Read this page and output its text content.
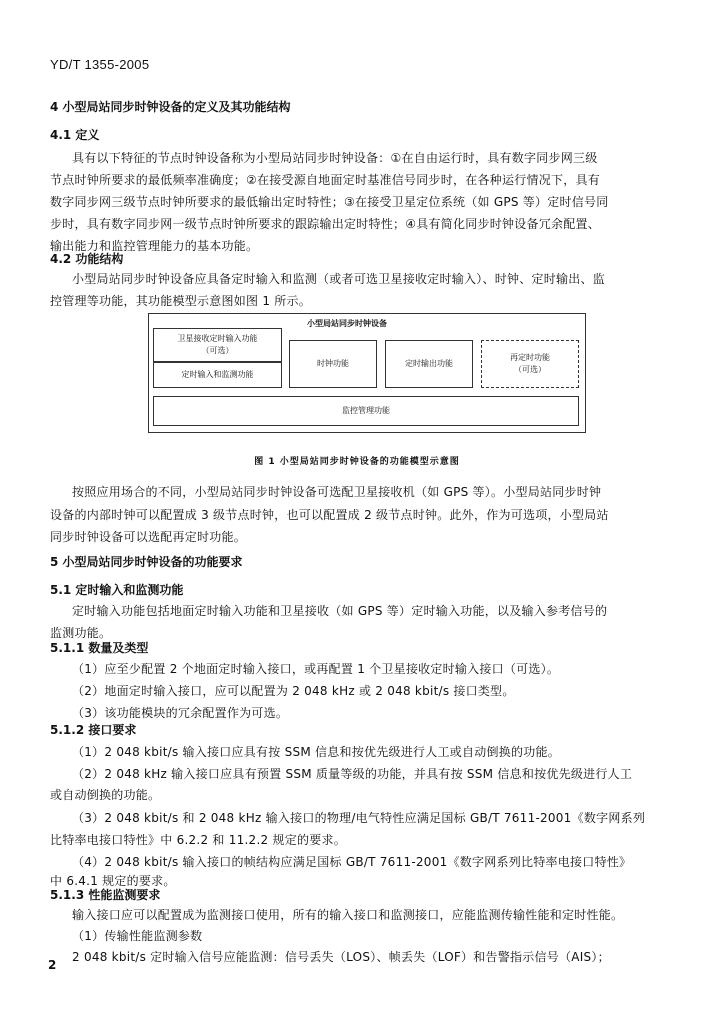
YD/T 1355-2005
4 小型局站同步时钟设备的定义及其功能结构
4.1 定义
具有以下特征的节点时钟设备称为小型局站同步时钟设备：①在自由运行时，具有数字同步网三级
节点时钟所要求的最低频率准确度；②在接受源自地面定时基准信号同步时，在各种运行情况下，具有
数字同步网三级节点时钟所要求的最低输出定时特性；③在接受卫星定位系统（如 GPS 等）定时信号同
步时，具有数字同步网一级节点时钟所要求的跟踪输出定时特性；④具有简化同步时钟设备冗余配置、
输出能力和监控管理能力的基本功能。
4.2 功能结构
小型局站同步时钟设备应具备定时输入和监测（或者可选卫星接收定时输入）、时钟、定时输出、监
控管理等功能，其功能模型示意图如图 1 所示。
小型局站同步时钟设备
卫星接收定时输入功能
（可选）
定时输入和监测功能
时钟功能	定时输出功能
再定时功能
（可选）
监控管理功能
图 1 小型局站同步时钟设备的功能模型示意图
按照应用场合的不同，小型局站同步时钟设备可选配卫星接收机（如 GPS 等）。小型局站同步时钟
设备的内部时钟可以配置成 3 级节点时钟，也可以配置成 2 级节点时钟。此外，作为可选项，小型局站
同步时钟设备可以选配再定时功能。
5 小型局站同步时钟设备的功能要求
5.1 定时输入和监测功能
定时输入功能包括地面定时输入功能和卫星接收（如 GPS 等）定时输入功能，以及输入参考信号的
监测功能。
5.1.1 数量及类型
（1）应至少配置 2 个地面定时输入接口，或再配置 1 个卫星接收定时输入接口（可选）。
（2）地面定时输入接口，应可以配置为 2 048 kHz 或 2 048 kbit/s 接口类型。
（3）该功能模块的冗余配置作为可选。
5.1.2 接口要求
（1）2 048 kbit/s 输入接口应具有按 SSM 信息和按优先级进行人工或自动倒换的功能。
（2）2 048 kHz 输入接口应具有预置 SSM 质量等级的功能，并具有按 SSM 信息和按优先级进行人工
或自动倒换的功能。
（3）2 048 kbit/s 和 2 048 kHz 输入接口的物理/电气特性应满足国标 GB/T 7611-2001《数字网系列
比特率电接口特性》中 6.2.2 和 11.2.2 规定的要求。
（4）2 048 kbit/s 输入接口的帧结构应满足国标 GB/T 7611-2001《数字网系列比特率电接口特性》
中 6.4.1 规定的要求。
5.1.3 性能监测要求
输入接口应可以配置成为监测接口使用，所有的输入接口和监测接口，应能监测传输性能和定时性能。
（1）传输性能监测参数
2 048 kbit/s 定时输入信号应能监测：信号丢失（LOS）、帧丢失（LOF）和告警指示信号（AIS）；
2
